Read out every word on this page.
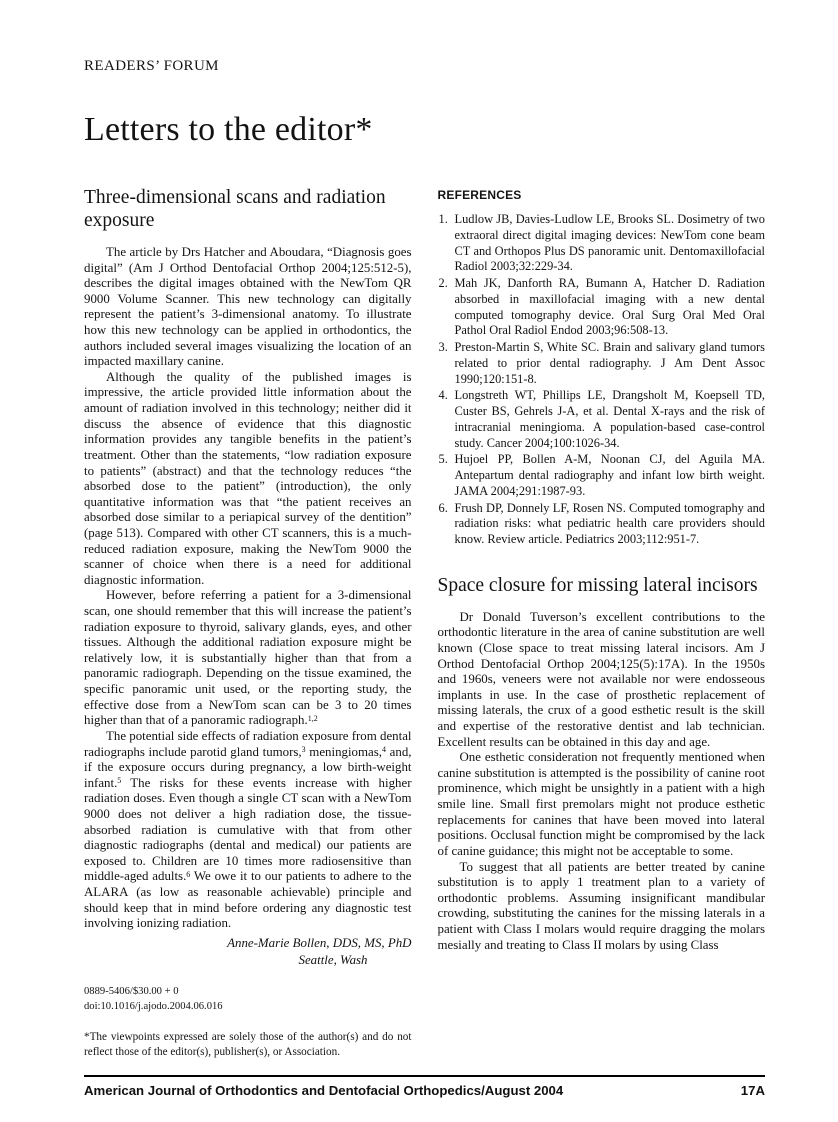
READERS’ FORUM
Letters to the editor*
Three-dimensional scans and radiation exposure

The article by Drs Hatcher and Aboudara, “Diagnosis goes digital” (Am J Orthod Dentofacial Orthop 2004;125:512-5), describes the digital images obtained with the NewTom QR 9000 Volume Scanner. This new technology can digitally represent the patient’s 3-dimensional anatomy. To illustrate how this new technology can be applied in orthodontics, the authors included several images visualizing the location of an impacted maxillary canine.

Although the quality of the published images is impressive, the article provided little information about the amount of radiation involved in this technology; neither did it discuss the absence of evidence that this diagnostic information provides any tangible benefits in the patient’s treatment. Other than the statements, “low radiation exposure to patients” (abstract) and that the technology reduces “the absorbed dose to the patient” (introduction), the only quantitative information was that “the patient receives an absorbed dose similar to a periapical survey of the dentition” (page 513). Compared with other CT scanners, this is a much-reduced radiation exposure, making the NewTom 9000 the scanner of choice when there is a need for additional diagnostic information.

However, before referring a patient for a 3-dimensional scan, one should remember that this will increase the patient’s radiation exposure to thyroid, salivary glands, eyes, and other tissues. Although the additional radiation exposure might be relatively low, it is substantially higher than that from a panoramic radiograph. Depending on the tissue examined, the specific panoramic unit used, or the reporting study, the effective dose from a NewTom scan can be 3 to 20 times higher than that of a panoramic radiograph.$^{1,2}$

The potential side effects of radiation exposure from dental radiographs include parotid gland tumors,$^3$ meningiomas,$^4$ and, if the exposure occurs during pregnancy, a low birth-weight infant.$^5$ The risks for these events increase with higher radiation doses. Even though a single CT scan with a NewTom 9000 does not deliver a high radiation dose, the tissue-absorbed radiation is cumulative with that from other diagnostic radiographs (dental and medical) our patients are exposed to. Children are 10 times more radiosensitive than middle-aged adults.$^6$ We owe it to our patients to adhere to the ALARA (as low as reasonable achievable) principle and should keep that in mind before ordering any diagnostic test involving ionizing radiation.

Anne-Marie Bollen, DDS, MS, PhD
Seattle, Wash
0889-5406/$30.00 + 0
doi:10.1016/j.ajodo.2004.06.016
*The viewpoints expressed are solely those of the author(s) and do not reflect those of the editor(s), publisher(s), or Association.
REFERENCES
1. Ludlow JB, Davies-Ludlow LE, Brooks SL. Dosimetry of two extraoral direct digital imaging devices: NewTom cone beam CT and Orthopos Plus DS panoramic unit. Dentomaxillofacial Radiol 2003;32:229-34.
2. Mah JK, Danforth RA, Bumann A, Hatcher D. Radiation absorbed in maxillofacial imaging with a new dental computed tomography device. Oral Surg Oral Med Oral Pathol Oral Radiol Endod 2003;96:508-13.
3. Preston-Martin S, White SC. Brain and salivary gland tumors related to prior dental radiography. J Am Dent Assoc 1990;120:151-8.
4. Longstreth WT, Phillips LE, Drangsholt M, Koepsell TD, Custer BS, Gehrels J-A, et al. Dental X-rays and the risk of intracranial meningioma. A population-based case-control study. Cancer 2004;100:1026-34.
5. Hujoel PP, Bollen A-M, Noonan CJ, del Aguila MA. Antepartum dental radiography and infant low birth weight. JAMA 2004;291:1987-93.
6. Frush DP, Donnely LF, Rosen NS. Computed tomography and radiation risks: what pediatric health care providers should know. Review article. Pediatrics 2003;112:951-7.
Space closure for missing lateral incisors

Dr Donald Tuverson’s excellent contributions to the orthodontic literature in the area of canine substitution are well known (Close space to treat missing lateral incisors. Am J Orthod Dentofacial Orthop 2004;125(5):17A). In the 1950s and 1960s, veneers were not available nor were endosseous implants in use. In the case of prosthetic replacement of missing laterals, the crux of a good esthetic result is the skill and expertise of the restorative dentist and lab technician. Excellent results can be obtained in this day and age.

One esthetic consideration not frequently mentioned when canine substitution is attempted is the possibility of canine root prominence, which might be unsightly in a patient with a high smile line. Small first premolars might not produce esthetic replacements for canines that have been moved into lateral positions. Occlusal function might be compromised by the lack of canine guidance; this might not be acceptable to some.

To suggest that all patients are better treated by canine substitution is to apply 1 treatment plan to a variety of orthodontic problems. Assuming insignificant mandibular crowding, substituting the canines for the missing laterals in a patient with Class I molars would require dragging the molars mesially and treating to Class II molars by using Class

American Journal of Orthodontics and Dentofacial Orthopedics/August 2004	17A
